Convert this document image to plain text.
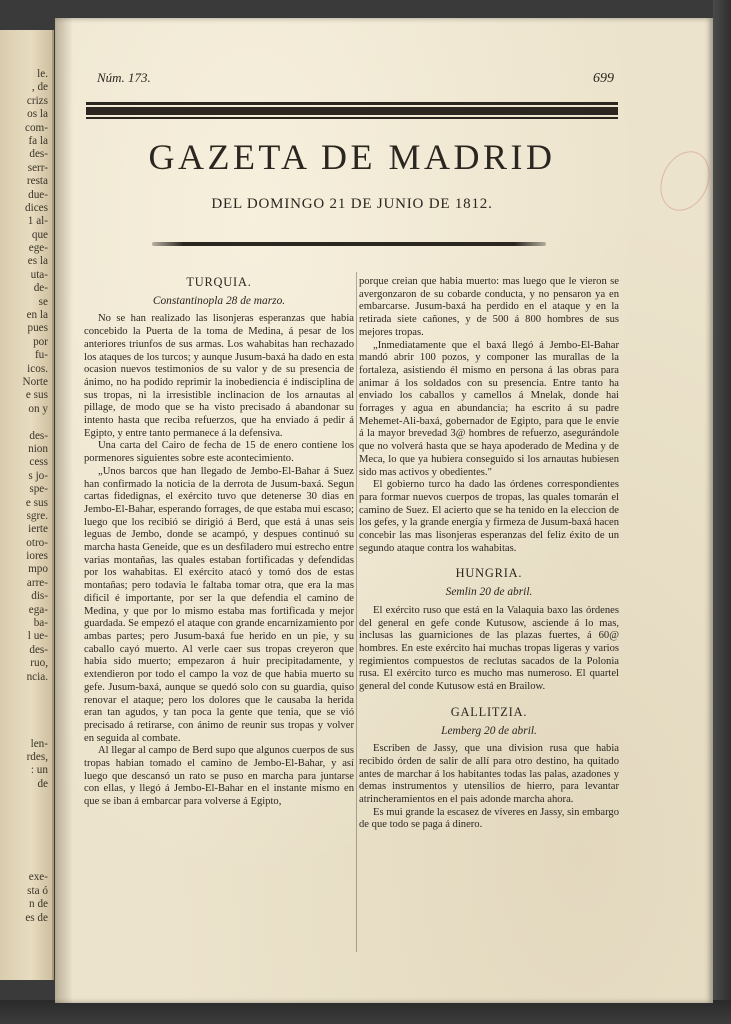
le.
, de
crizs
os la
com-
fa la
des-
serr-
resta
due-
dices
1 al-
que
ege-
es la
uta-
de-
se
en la
pues
por
fu-
icos.
Norte
e sus
on y

des-
nion
cess
s jo-
spe-
e sus
sgre.
ierte
otro-
iores
mpo
arre-
dis-
ega-
ba-
l ue-
des-
ruo,
ncia.

len-
rdes,
: un
de

exe-
sta ó
n de
es de

Núm. 173.	699
GAZETA DE MADRID
DEL DOMINGO 21 DE JUNIO DE 1812.
TURQUIA.
Constantinopla 28 de marzo.

No se han realizado las lisonjeras esperanzas que habia concebido la Puerta de la toma de Medina, á pesar de los anteriores triunfos de sus armas. Los wahabitas han rechazado los ataques de los turcos; y aunque Jusum-baxá ha dado en esta ocasion nuevos testimonios de su valor y de su presencia de ánimo, no ha podido reprimir la inobediencia é indisciplina de sus tropas, ni la irresistible inclinacion de los arnautas al pillage, de modo que se ha visto precisado á abandonar su intento hasta que reciba refuerzos, que ha enviado á pedir á Egipto, y entre tanto permanece á la defensiva.

Una carta del Cairo de fecha de 15 de enero contiene los pormenores siguientes sobre este acontecimiento.

„Unos barcos que han llegado de Jembo-El-Bahar á Suez han confirmado la noticia de la derrota de Jusum-baxá. Segun cartas fidedignas, el exército tuvo que detenerse 30 dias en Jembo-El-Bahar, esperando forrages, de que estaba mui escaso; luego que los recibió se dirigió á Berd, que está á unas seis leguas de Jembo, donde se acampó, y despues continuó su marcha hasta Geneide, que es un desfiladero mui estrecho entre varias montañas, las quales estaban fortificadas y defendidas por los wahabitas. El exército atacó y tomó dos de estas montañas; pero todavia le faltaba tomar otra, que era la mas dificil é importante, por ser la que defendia el camino de Medina, y que por lo mismo estaba mas fortificada y mejor guardada. Se empezó el ataque con grande encarnizamiento por ambas partes; pero Jusum-baxá fue herido en un pie, y su caballo cayó muerto. Al verle caer sus tropas creyeron que habia sido muerto; empezaron á huir precipitadamente, y extendieron por todo el campo la voz de que habia muerto su gefe. Jusum-baxá, aunque se quedó solo con su guardia, quiso renovar el ataque; pero los dolores que le causaba la herida eran tan agudos, y tan poca la gente que tenia, que se vió precisado á retirarse, con ánimo de reunir sus tropas y volver en seguida al combate.

Al llegar al campo de Berd supo que algunos cuerpos de sus tropas habian tomado el camino de Jembo-El-Bahar, y así luego que descansó un rato se puso en marcha para juntarse con ellas, y llegó á Jembo-El-Bahar en el instante mismo en que se iban á embarcar para volverse á Egipto,

porque creian que habia muerto: mas luego que le vieron se avergonzaron de su cobarde conducta, y no pensaron ya en embarcarse. Jusum-baxá ha perdido en el ataque y en la retirada siete cañones, y de 500 á 800 hombres de sus mejores tropas.

„Inmediatamente que el baxá llegó á Jembo-El-Bahar mandó abrir 100 pozos, y componer las murallas de la fortaleza, asistiendo él mismo en persona á las obras para animar á los soldados con su presencia. Entre tanto ha enviado los caballos y camellos á Mnelak, donde hai forrages y agua en abundancia; ha escrito á su padre Mehemet-Ali-baxá, gobernador de Egipto, para que le envie á la mayor brevedad 3@ hombres de refuerzo, asegurándole que no volverá hasta que se haya apoderado de Medina y de Meca, lo que ya hubiera conseguido si los arnautas hubiesen sido mas activos y obedientes."

El gobierno turco ha dado las órdenes correspondientes para formar nuevos cuerpos de tropas, las quales tomarán el camino de Suez. El acierto que se ha tenido en la eleccion de los gefes, y la grande energía y firmeza de Jusum-baxá hacen concebir las mas lisonjeras esperanzas del feliz éxito de un segundo ataque contra los wahabitas.

HUNGRIA.
Semlin 20 de abril.

El exército ruso que está en la Valaquia baxo las órdenes del general en gefe conde Kutusow, asciende á lo mas, inclusas las guarniciones de las plazas fuertes, á 60@ hombres. En este exército hai muchas tropas ligeras y varios regimientos compuestos de reclutas sacados de la Polonia rusa. El exército turco es mucho mas numeroso. El quartel general del conde Kutusow está en Brailow.

GALLITZIA.
Lemberg 20 de abril.

Escriben de Jassy, que una division rusa que habia recibido órden de salir de allí para otro destino, ha quitado antes de marchar á los habitantes todas las palas, azadones y demas instrumentos y utensilios de hierro, para levantar atrincheramientos en el pais adonde marcha ahora.

Es mui grande la escasez de víveres en Jassy, sin embargo de que todo se paga á dinero.
